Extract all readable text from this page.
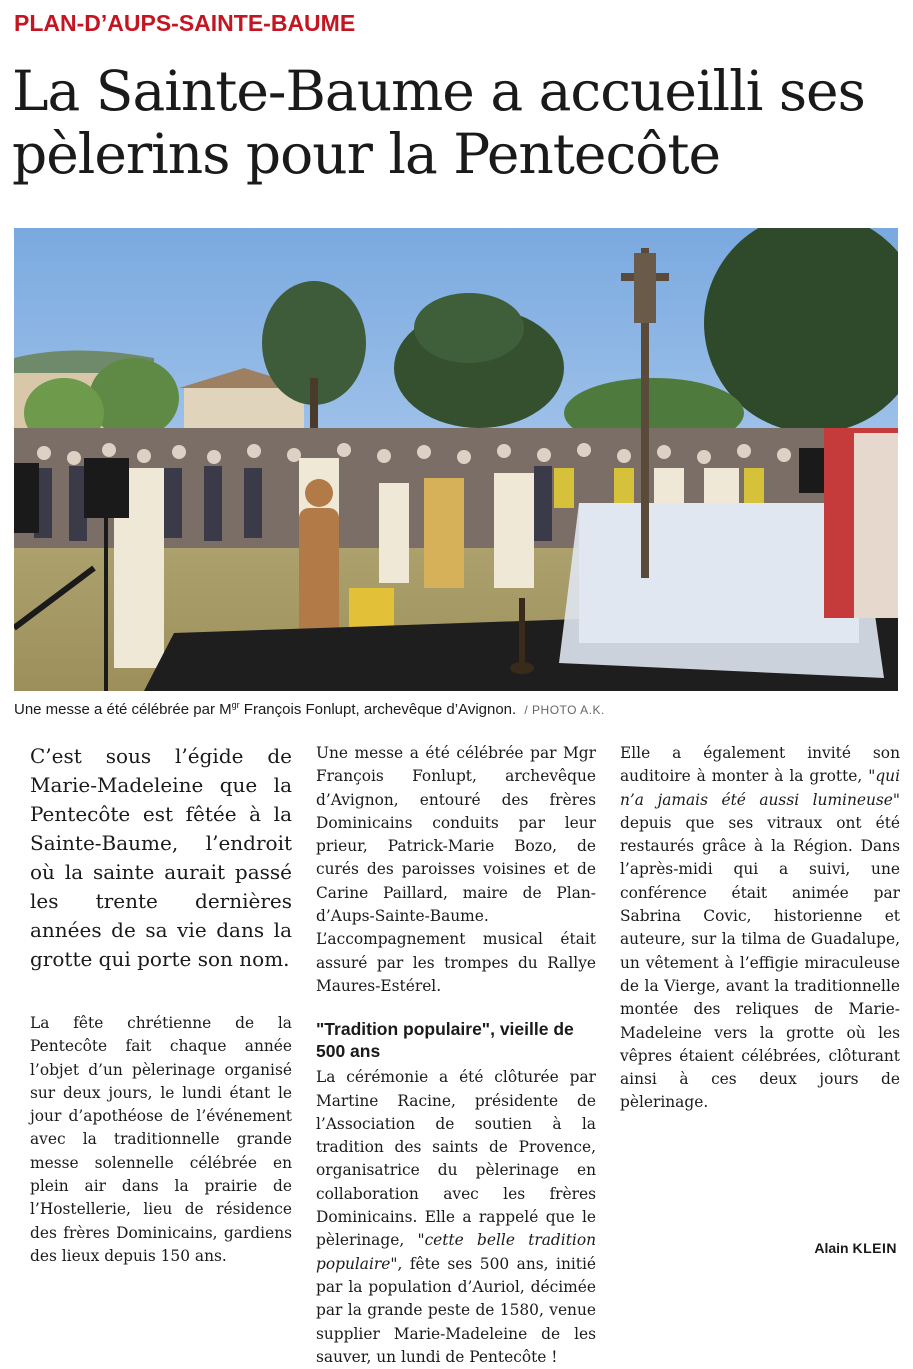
PLAN-D’AUPS-SAINTE-BAUME
La Sainte-Baume a accueilli ses pèlerins pour la Pentecôte
Une messe a été célébrée par $M^{gr}$ François Fonlupt, archevêque d’Avignon. / PHOTO A.K.

C’est sous l’égide de Marie-Madeleine que la Pentecôte est fêtée à la Sainte-Baume, l’endroit où la sainte aurait passé les trente dernières années de sa vie dans la grotte qui porte son nom.

La fête chrétienne de la Pentecôte fait chaque année l’objet d’un pèlerinage organisé sur deux jours, le lundi étant le jour d’apothéose de l’événement avec la traditionnelle grande messe solennelle célébrée en plein air dans la prairie de l’Hostellerie, lieu de résidence des frères Dominicains, gardiens des lieux depuis 150 ans.

Une messe a été célébrée par Mgr François Fonlupt, archevêque d’Avignon, entouré des frères Dominicains conduits par leur prieur, Patrick-Marie Bozo, de curés des paroisses voisines et de Carine Paillard, maire de Plan-d’Aups-Sainte-Baume. L’accompagnement musical était assuré par les trompes du Rallye Maures-Estérel.

"Tradition populaire", vieille de 500 ans

La cérémonie a été clôturée par Martine Racine, présidente de l’Association de soutien à la tradition des saints de Provence, organisatrice du pèlerinage en collaboration avec les frères Dominicains. Elle a rappelé que le pèlerinage, "cette belle tradition populaire", fête ses 500 ans, initié par la population d’Auriol, décimée par la grande peste de 1580, venue supplier Marie-Madeleine de les sauver, un lundi de Pentecôte !

Elle a également invité son auditoire à monter à la grotte, "qui n’a jamais été aussi lumineuse" depuis que ses vitraux ont été restaurés grâce à la Région. Dans l’après-midi qui a suivi, une conférence était animée par Sabrina Covic, historienne et auteure, sur la tilma de Guadalupe, un vêtement à l’effigie miraculeuse de la Vierge, avant la traditionnelle montée des reliques de Marie-Madeleine vers la grotte où les vêpres étaient célébrées, clôturant ainsi à ces deux jours de pèlerinage.

Alain KLEIN
